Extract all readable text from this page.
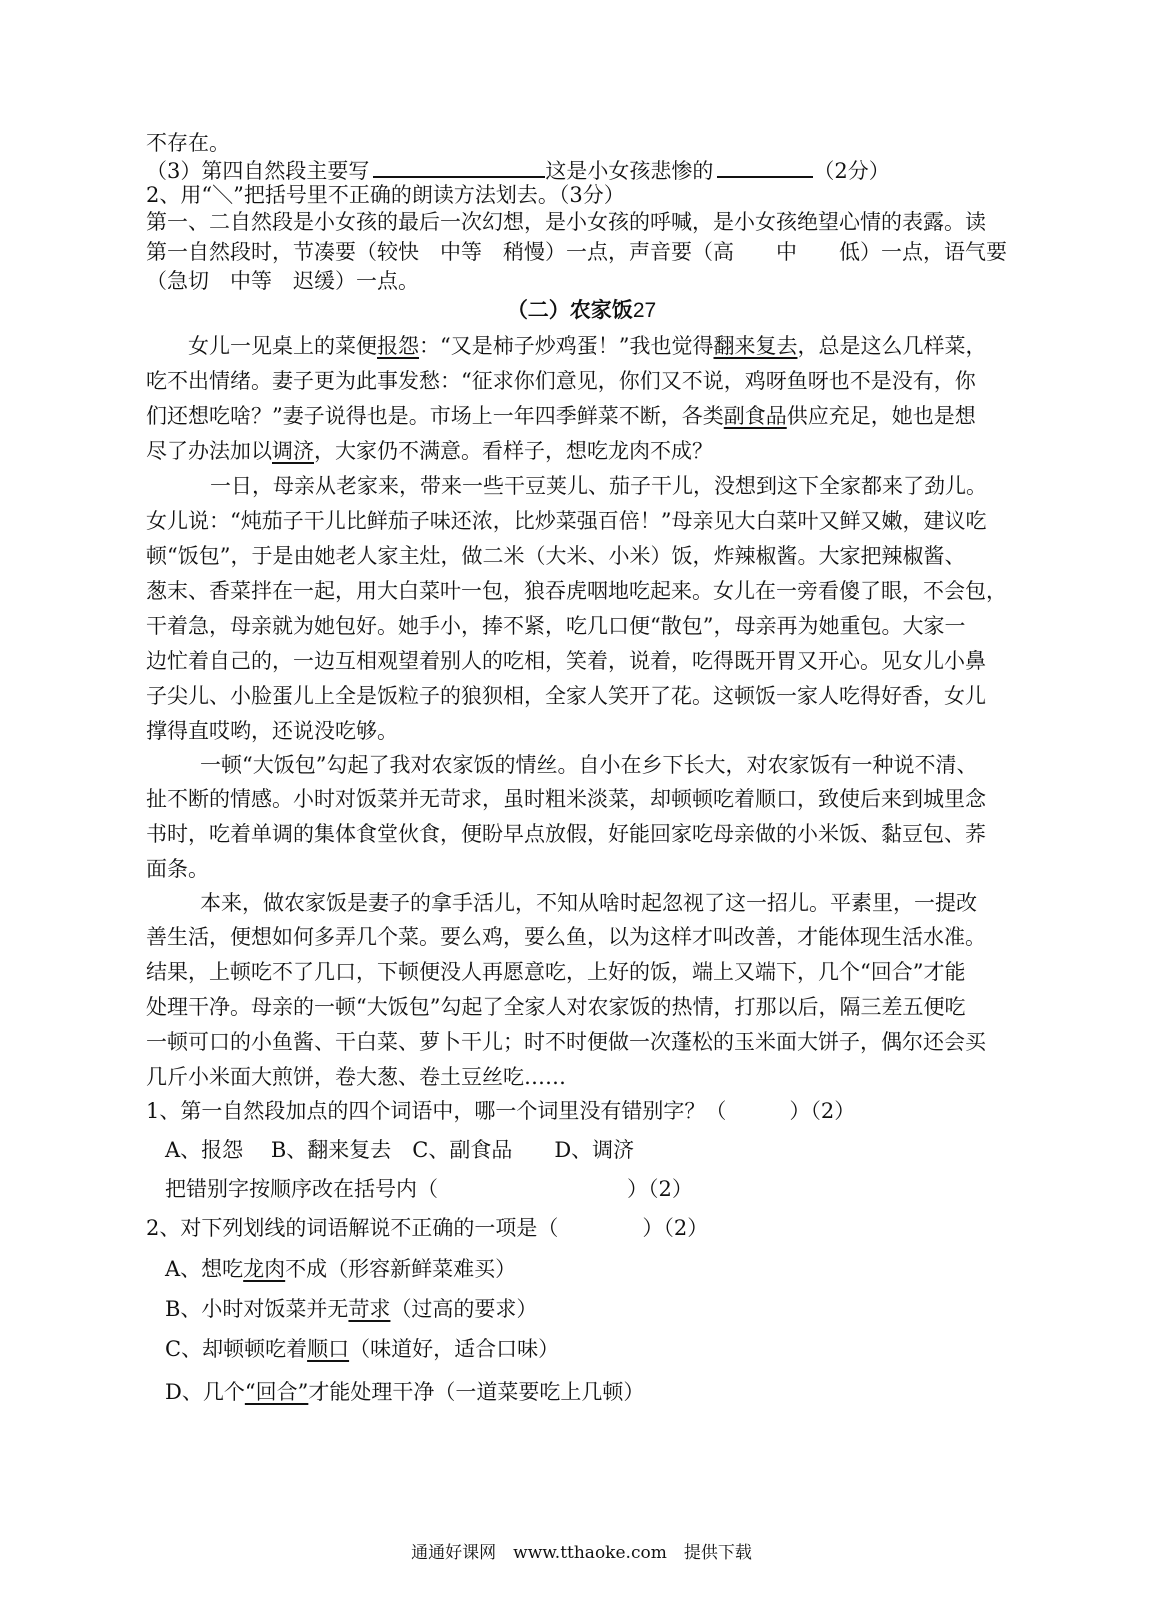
不存在。
（3）第四自然段主要写	这是小女孩悲惨的	（2分）
2、用“＼”把括号里不正确的朗读方法划去。（3分）
第一、二自然段是小女孩的最后一次幻想，是小女孩的呼喊，是小女孩绝望心情的表露。读
第一自然段时，节凑要（较快　中等　稍慢）一点，声音要（高　　中　　低）一点，语气要
（急切　中等　迟缓）一点。
（二）农家饭27
女儿一见桌上的菜便报怨：“又是柿子炒鸡蛋！”我也觉得翻来复去，总是这么几样菜，
吃不出情绪。妻子更为此事发愁：“征求你们意见，你们又不说，鸡呀鱼呀也不是没有，你
们还想吃啥？”妻子说得也是。市场上一年四季鲜菜不断，各类副食品供应充足，她也是想
尽了办法加以调济，大家仍不满意。看样子，想吃龙肉不成？
一日，母亲从老家来，带来一些干豆荚儿、茄子干儿，没想到这下全家都来了劲儿。
女儿说：“炖茄子干儿比鲜茄子味还浓，比炒菜强百倍！”母亲见大白菜叶又鲜又嫩，建议吃
顿“饭包”，于是由她老人家主灶，做二米（大米、小米）饭，炸辣椒酱。大家把辣椒酱、
葱末、香菜拌在一起，用大白菜叶一包，狼吞虎咽地吃起来。女儿在一旁看傻了眼，不会包，
干着急，母亲就为她包好。她手小，捧不紧，吃几口便“散包”，母亲再为她重包。大家一
边忙着自己的，一边互相观望着别人的吃相，笑着，说着，吃得既开胃又开心。见女儿小鼻
子尖儿、小脸蛋儿上全是饭粒子的狼狈相，全家人笑开了花。这顿饭一家人吃得好香，女儿
撑得直哎哟，还说没吃够。
一顿“大饭包”勾起了我对农家饭的情丝。自小在乡下长大，对农家饭有一种说不清、
扯不断的情感。小时对饭菜并无苛求，虽时粗米淡菜，却顿顿吃着顺口，致使后来到城里念
书时，吃着单调的集体食堂伙食，便盼早点放假，好能回家吃母亲做的小米饭、黏豆包、荞
面条。
本来，做农家饭是妻子的拿手活儿，不知从啥时起忽视了这一招儿。平素里，一提改
善生活，便想如何多弄几个菜。要么鸡，要么鱼，以为这样才叫改善，才能体现生活水准。
结果，上顿吃不了几口，下顿便没人再愿意吃，上好的饭，端上又端下，几个“回合”才能
处理干净。母亲的一顿“大饭包”勾起了全家人对农家饭的热情，打那以后，隔三差五便吃
一顿可口的小鱼酱、干白菜、萝卜干儿；时不时便做一次蓬松的玉米面大饼子，偶尔还会买
几斤小米面大煎饼，卷大葱、卷土豆丝吃……
1、第一自然段加点的四个词语中，哪一个词里没有错别字？（　　　）（2）
A、报怨　 B、翻来复去　C、副食品　　D、调济
把错别字按顺序改在括号内（　　　　　　　　　）（2）
2、对下列划线的词语解说不正确的一项是（　　　　）（2）
A、想吃龙肉不成（形容新鲜菜难买）
B、小时对饭菜并无苛求（过高的要求）
C、却顿顿吃着顺口（味道好，适合口味）
D、几个“回合”才能处理干净（一道菜要吃上几顿）
通通好课网　www.tthaoke.com　提供下载
